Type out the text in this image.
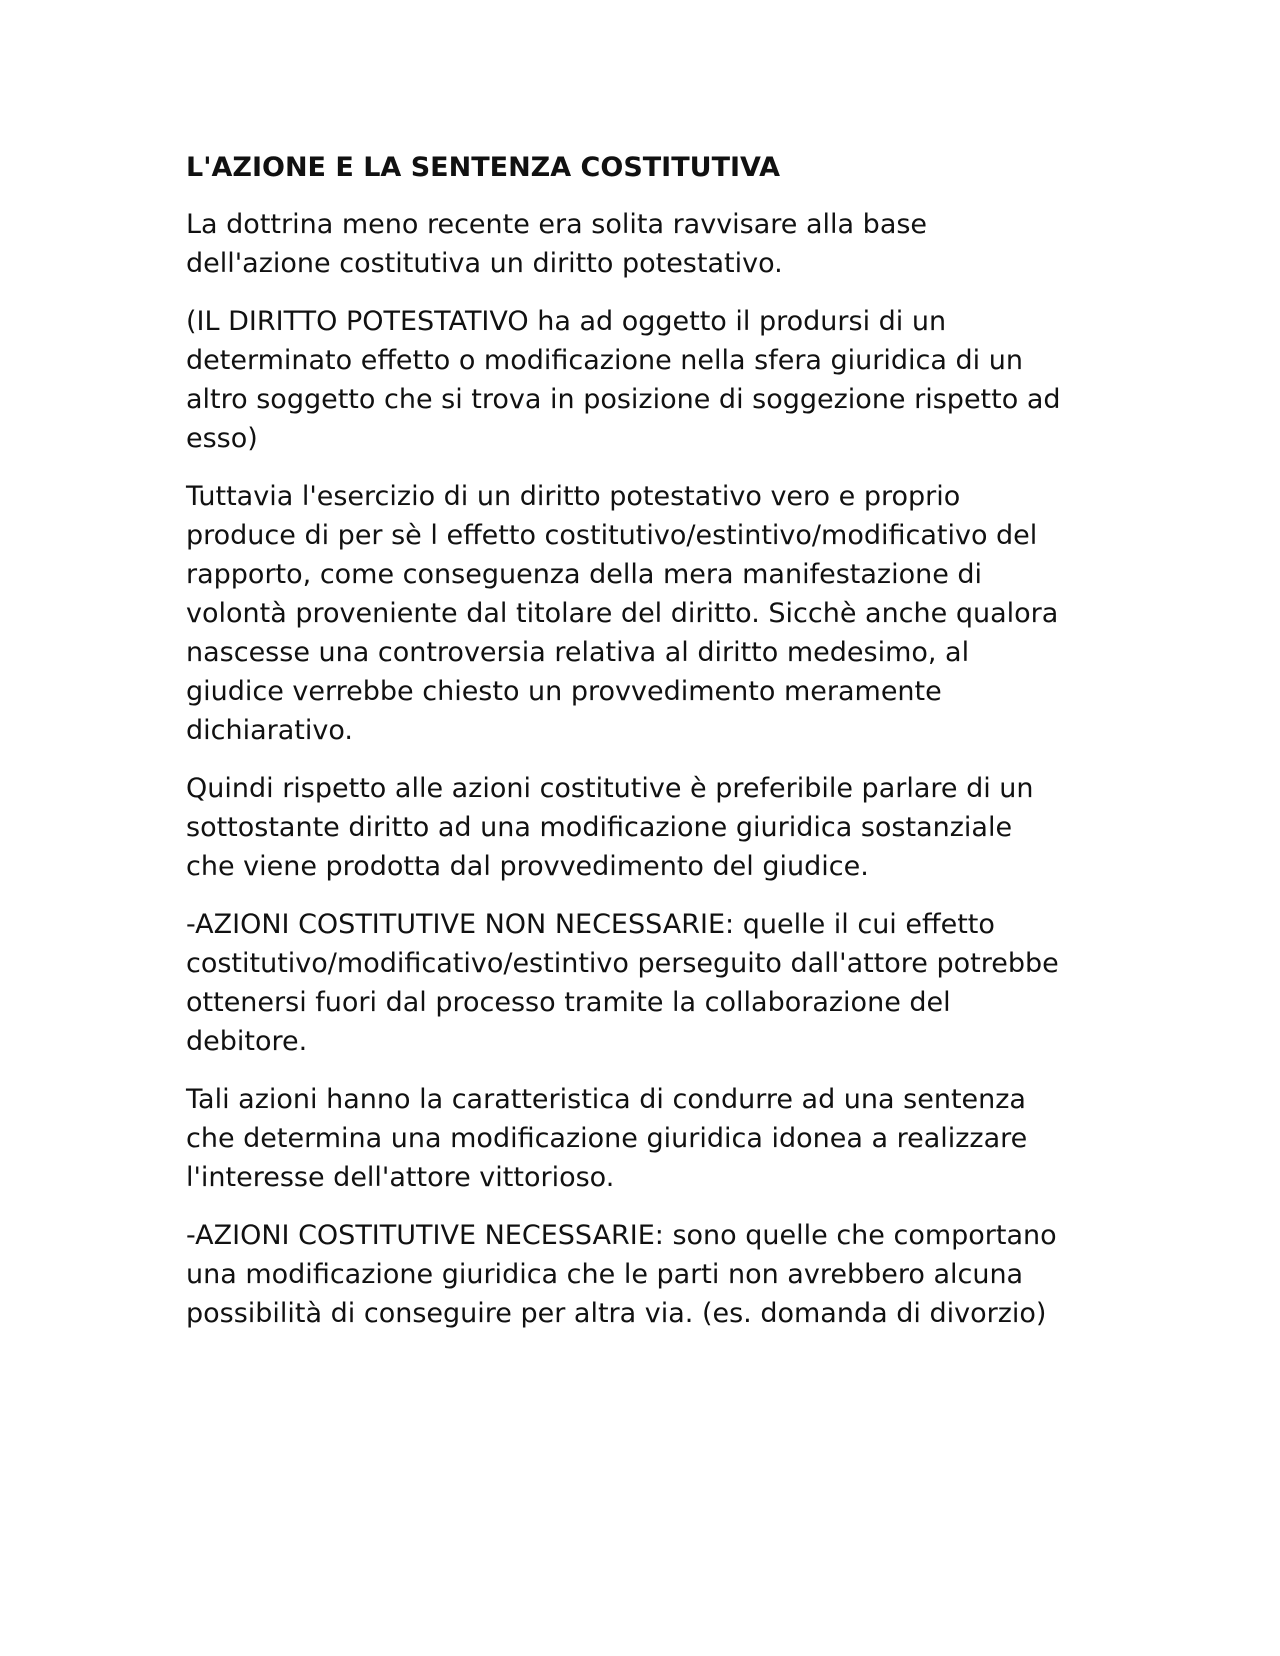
L'AZIONE E LA SENTENZA COSTITUTIVA

La dottrina meno recente era solita ravvisare alla base dell'azione costitutiva un diritto potestativo.

(IL DIRITTO POTESTATIVO ha ad oggetto il prodursi di un determinato effetto o modificazione nella sfera giuridica di un altro soggetto che si trova in posizione di soggezione rispetto ad esso)

Tuttavia l'esercizio di un diritto potestativo vero e proprio produce di per sè l effetto costitutivo/estintivo/modificativo del rapporto, come conseguenza della mera manifestazione di volontà proveniente dal titolare del diritto. Sicchè anche qualora nascesse una controversia relativa al diritto medesimo, al giudice verrebbe chiesto un provvedimento meramente dichiarativo.

Quindi rispetto alle azioni costitutive è preferibile parlare di un sottostante diritto ad una modificazione giuridica sostanziale che viene prodotta dal provvedimento del giudice.

-AZIONI COSTITUTIVE NON NECESSARIE: quelle il cui effetto costitutivo/modificativo/estintivo perseguito dall'attore potrebbe ottenersi fuori dal processo tramite la collaborazione del debitore.

Tali azioni hanno la caratteristica di condurre ad una sentenza che determina una modificazione giuridica idonea a realizzare l'interesse dell'attore vittorioso.

-AZIONI COSTITUTIVE NECESSARIE: sono quelle che comportano una modificazione giuridica che le parti non avrebbero alcuna possibilità di conseguire per altra via. (es. domanda di divorzio)
